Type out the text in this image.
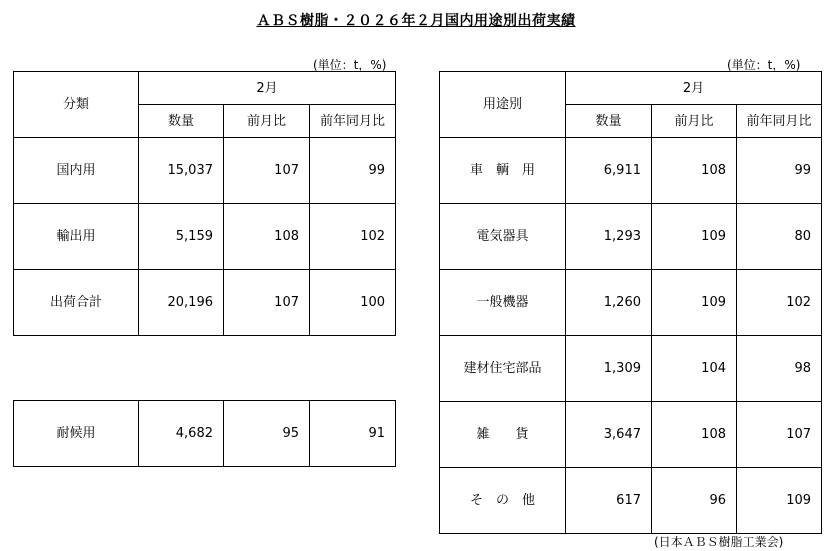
ＡＢＳ樹脂・２０２６年２月国内用途別出荷実績
(単位：t，%)
分類	2月		
	数量	前月比	前年同月比
国内用	15,037	107	99
輸出用	5,159	108	102
出荷合計	20,196	107	100
耐候用	4,682	95	91
(単位：t，%)
用途別	2月		
	数量	前月比	前年同月比
車　輌　用	6,911	108	99
電気器具	1,293	109	80
一般機器	1,260	109	102
建材住宅部品	1,309	104	98
雑　　貨	3,647	108	107
そ　の　他	617	96	109
(日本ＡＢＳ樹脂工業会)
